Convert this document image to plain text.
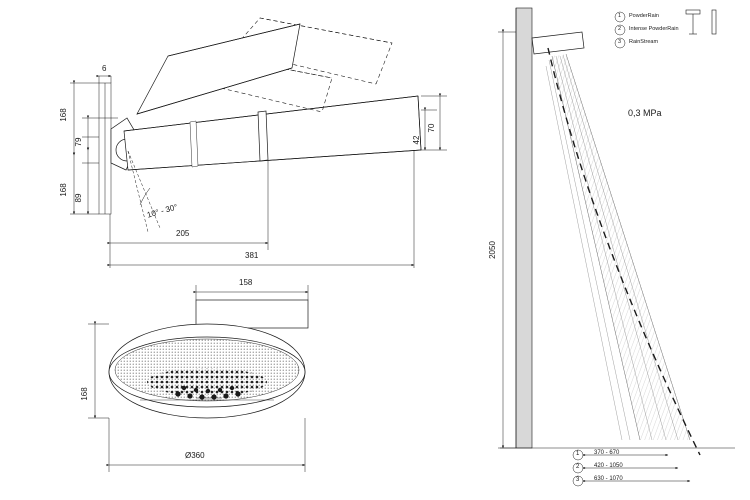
168
168
79
89
6
70
42
205
381
10° - 30°
158
168
Ø360
2050
0,3 MPa
1 PowderRain
2 Intense PowderRain
3 RainStream
1 370 - 670
2 420 - 1050
3 630 - 1070
